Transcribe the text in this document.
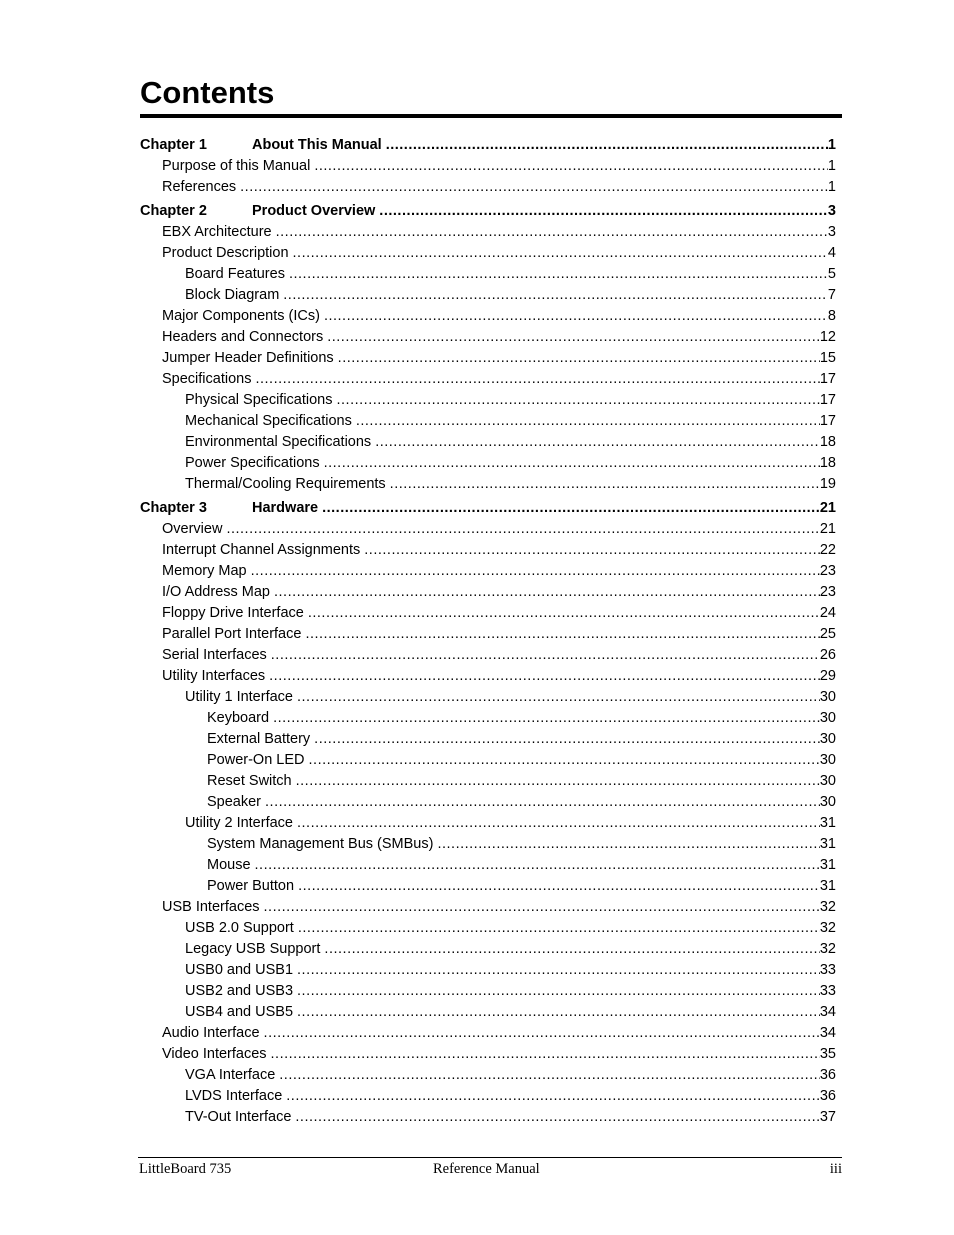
Contents
Chapter 1	About This Manual .....	1
Purpose of this Manual .....	1
References .....	1
Chapter 2	Product Overview .....	3
EBX Architecture .....	3
Product Description .....	4
Board Features .....	5
Block Diagram .....	7
Major Components (ICs) .....	8
Headers and Connectors .....	12
Jumper Header Definitions .....	15
Specifications .....	17
Physical Specifications .....	17
Mechanical Specifications .....	17
Environmental Specifications .....	18
Power Specifications .....	18
Thermal/Cooling Requirements .....	19
Chapter 3	Hardware .....	21
Overview .....	21
Interrupt Channel Assignments .....	22
Memory Map .....	23
I/O Address Map .....	23
Floppy Drive Interface .....	24
Parallel Port Interface .....	25
Serial Interfaces .....	26
Utility Interfaces .....	29
Utility 1 Interface .....	30
Keyboard .....	30
External Battery .....	30
Power-On LED .....	30
Reset Switch .....	30
Speaker .....	30
Utility 2 Interface .....	31
System Management Bus (SMBus) .....	31
Mouse .....	31
Power Button .....	31
USB Interfaces .....	32
USB 2.0 Support .....	32
Legacy USB Support .....	32
USB0 and USB1 .....	33
USB2 and USB3 .....	33
USB4 and USB5 .....	34
Audio Interface .....	34
Video Interfaces .....	35
VGA Interface .....	36
LVDS Interface .....	36
TV-Out Interface .....	37
LittleBoard 735	Reference Manual	iii
